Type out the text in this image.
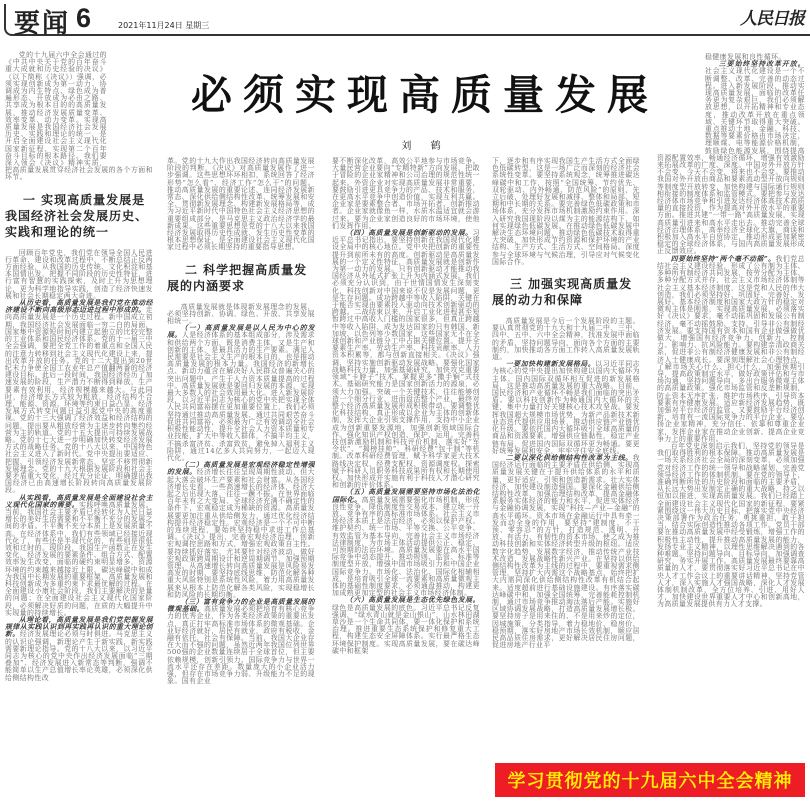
要闻 6	2021年11月24日 星期三	人民日报
必须实现高质量发展
刘 鹤

党的十九届六中全会通过的《中共中央关于党的百年奋斗重大成就和历史经验的决议》（以下简称《决议》）强调，必须实现创新成为第一动力、协调成为内生特点、绿色成为普遍形态、开放成为必由之路、共享成为根本目的的高质量发展，推动经济发展质量变革、效率变革、动力变革。实现高质量发展是我国经济社会发展历史、实践和理论的统一，是开启全面建设社会主义现代化国家新征程、实现第二个百年奋斗目标的根本路径。我们要深入领会《决议》精神实质，把高质量发展贯穿经济社会发展的各个方面和环节。

一 实现高质量发展是我国经济社会发展历史、实践和理论的统一

回顾百年党史，我们党在领导全国人民进行革命、建设和改革过程中，不断总结正反两方面经验，从我国的历史传统、文化积淀和基本国情出发，把握不同阶段的历史性特征，进行富有智慧的实践探索，及时上升为思想理论，更为科学地指导实践，创造了经济快速发展和社会长期稳定两大奇迹。

从历史看，高质量发展是我们党在推动经济建设不断向高级形态迈进过程中形成的。走向高质量发展是一个历史过程。新中国成立初期，我国经济社会发展面临一穷二白的局面，国家集中资源短时间内建立起独立的比较完整的工业体系和国民经济体系。党的十一届三中全会强调，要把全党工作的着重点和全国人民的注意力转移到社会主义现代化建设上来，提出改革开放的任务。党的十二大提出到20世纪末力争使全国工农业年总产值翻两番的经济建设目标。此后一段时间，我国经济经历了加速发展的阶段，生产潜力不断得到释放，生产要素有效利用，经济规模越来越大。与此同时，经济增长方式较为粗放，经济结构不合理，能源、资源、环境等约束日益凸显，经济发展方式转变问题日益引起党中央的高度重视。党的十三大强调了经济效益和经济结构的问题，提出要从粗放经营为主逐步转向集约经营为主的轨道。党的十五大提出可持续发展战略。党的十七大进一步明确加快转变经济发展方式的战略任务。党的十八大以来，中国特色社会主义进入了新时代。党中央提出要适应、把握、引领经济发展新常态，坚定不移贯彻新发展理念。党的十九大根据发展阶段和社会主要矛盾重大变化，经过充分论证，明确提出我国经济已由高速增长阶段转向高质量发展阶段。

从实践看，高质量发展是全面建设社会主义现代化国家的需要。实践呼唤高质量发展。当前，我国社会主要矛盾已经转化为人民日益增长的美好生活需要和不平衡不充分的发展之间的矛盾。不平衡不充分本质上是发展质量不高。在经济体系中，我们有些领域已经接近现代化了，有些还是半现代化的，有些则是很低效和过时的。现阶段，我国生产函数正在发生变化，经济发展的要素条件、组合方式、配置效率发生改变，面临的硬约束明显增多，资源环境的约束越来越接近上限，碳达峰碳中和成为我国中长期发展的重要框架，高质量发展和科技创新成为多重约束下求最优解的过程。在全面建设小康社会阶段，我们主要解决的是量的问题；在全面建设社会主义现代化国家阶段，必须解决好质的问题，在质的大幅提升中实现量的持续增长。

从理论看，高质量发展是我们党把握发展规律从实践认识到再实践再认识的重大理论创新。经济发展理论必须与时俱进。马克思主义的认识论强调，新理论产生于新实践，新实践需要新理论指导。党的十八大以来，以习近平同志为核心的党中央作出经济发展面临“三期叠加”、经济发展进入新常态等判断，强调不能简单以生产总值增长率论英雄，必须深化供给侧结构性改

革。党的十九大作出我国经济转向高质量发展阶段的判断，《决议》对高质量发展作了进一步强调。这些思想环环相扣，系统回答了经济形势“怎么看”、经济工作“怎么干”的问题。推动高质量发展的重要论述，连同经济发展新常态、深化供给侧结构性改革、统筹发展和安全、贯彻新发展理念、构建新发展格局等，成为习近平新时代中国特色社会主义经济思想的重要组成部分，是马克思主义政治经济学的最新成果。这些重要思想是党的十八大以来我国经济发展取得历史性成就、发生历史性变革的根本思想保证，是全面建设社会主义现代化国家过程中必须长期坚持的重要指导思想。

二 科学把握高质量发展的内涵要求

高质量发展就是体现新发展理念的发展，必须坚持创新、协调、绿色、开放、共享发展相统一。

（一）高质量发展是以人民为中心的发展。人是经济体系的基本组成部分，涉及需求和供给两个方面，既是消费主体，又是生产和创新的主体，是最具活力的生产要素。满足人民需要是社会主义生产的根本目的，也是推动高质量发展的根本力量。我国经济的新增长点、新动力蕴含在解决好人民群众普遍关心的突出问题中，产生于人力资本质量提高的过程中。高质量发展就是要回归发展的本源，实现最大多数人的社会效用最大化。进入新发展阶段，以习近平同志为核心的党中央把实现全体人民共同富裕摆在更加重要位置上，我们必须坚持通过推动高质量发展、通过共同艰苦奋斗促进共同富裕，必须最为广泛有效调动全社会积极性能动性，提升全社会人力资本质量和专业技能，扩大中等收入群体，不搞平均主义，不搞杀富济贫、杀富致贫，避免掉入福利主义陷阱，通过14亿多人共同努力，一起迈入现代化。

（二）高质量发展是宏观经济稳定性增强的发展。经济增长往往呈现周期性波动，但大起大落会破坏生产要素和社会财富。从各国经济增长史看，一些高速增长的经济体，经济大起之后出现大落，往往一蹶不振。在世界面临百年未有之大变局、全球经济充满不确定性的条件下，宏观稳定成为稀缺的资源。高质量发展要更加注重从供给侧发力，通过优化经济结构提升经济稳定性。宏观经济是一个不可中断的连续进程，要始终坚持稳中求进工作总基调。《决议》提出，完善宏观经济治理，创新宏观调控思路和方式，增强宏观政策自主性。要持续抓好落实，尤其要针对经济波动，做好宏观政策跨周期设计和逆周期调节，加强预期管理。从高速增长转向高质量发展是风险易发高发的时期，要坚持底线思维，防范化解各种重大风险特别是系统性风险，着力用高质量发展来从根本上防范化解各类风险，实现稳增长和防风险的长期均衡。

（三）富有竞争力的企业是高质量发展的微观基础。高质量发展必须把培育有核心竞争力的优秀企业，作为各类经济政策的重要出发点，真正打牢高标准市场体系的微观基础。企业好经济就好，居民有就业，政府有税收，金融有依托，社会有保障。当前，我国大企业存在大而不强的问题，虽然近两年我国位列世界500强的企业数量连续居于全球首位，但主要依赖规模，创新引领力、国际竞争力与世界一流水平还存在差距。数量庞大的小企业活力强，但存在市场竞争力弱、升级能力不足的现象。国有企业

要不断深化改革，高效公平地参与市场竞争。大量民营企业要向“专精特新”方向发展，把敢于冒险的企业家精神和公司治理的规范性统一起来。外资企业对实现高质量发展非常重要，要鼓励引进更具竞争力的产品、技术和服务，在更高水平竞争中创造价值，实现互利共赢。企业家是要素整合者、市场开拓者、创新推动者。企业家就像鱼一样，水质水温适宜就会游过来。要为企业家创造良好的市场环境，使他们发挥作用。

（四）高质量发展是创新驱动的发展。习近平总书记指出，要坚持创新在我国现代化建设全局中的核心地位。党中央把创新的重要性提升到前所未有的高度。创新驱动是高质量发展的一个定义性特征，高质量发展就是创新作为第一动力的发展。只有创新驱动才能推动我国经济从外延式扩张上升为内涵式发展。我们必须充分认识到，由于世情国情发生深刻变化，科技创新对中国来说不仅是发展问题，更是生存问题。成功跨越中等收入陷阱，关键在于能否实现由要素投入驱动向技术创新驱动的跨越。二战结束以来，开启工业化进程甚至短暂跨过中高收入门槛的国家很多，但真正跨越中等收入陷阱、成为发达国家的只有韩国、新加坡、以色列等少数国家，这些国家无不在全球创新和产业链分工中占据关键位置。提升全要素生产率、劳动生产率、科技贡献率、人力资本积累等，都与创新直接相关。《决议》强调，坚持实施创新驱动发展战略。要强化国家战略科技力量，加强基础研究，加快攻克重要领域“卡脖子”技术，掌握更多“撒手锏”式技术。基础研究能力是国家创新活力的源泉，必须大力加强。突破一个关键技术，往往能够创造一个细分行业，进而盘活整个产业，最终对整个经济高质量发展形成积极带动。要调整优化科技结构，真正形成以企业为主体的创新体制，发挥大企业引领支撑作用，支持中小企业成为创新重要发源地，加强创新领域国际合作。强化知识产权创造、保护、运用。完善科技创新激励机制和科技评价机制，落实好“军令状”、“揭榜挂帅”、科研经费“包干制”等机制。改革科研经费管理，赋予科学家更大技术路线决定权、经费支配权、资源调度权。探索赋予科研人员职务科技成果所有权和长期使用权。加快形成并实施有利于科技人才潜心研究和创新的评价体系。

（五）高质量发展需要坚持市场化法治化国际化。高质量发展需要强化市场机制，形成良性竞争，降低制度性交易成本，建立统一开放、竞争有序的高标准市场体系。社会主义市场经济本质上是法治经济，必须以保护产权、维护契约、统一市场、平等交换、公平竞争、有效监管为基本导向，完善社会主义市场经济法律制度，为市场主体活动提供公正、稳定、可预期的法治环境。高质量发展要在高水平国际竞争中动态提升，推动规则、监管、标准等制度型开放，增强中国市场吸引力和中国企业国际竞争力。市场化、法治化、国际化相辅相成，是培育吸引全球一流要素和高质量微观主体的基础性制度要求，必须通盘推动，构建更加成熟更加定型的社会主义市场经济体制。

（六）高质量发展是生态优先绿色发展。绿色是高质量发展的底色。习近平总书记反复强调，“绿水青山就是金山银山”，山水林田湖草沙是一个生命共同体，要一体化保护和系统治理。推进重要生态系统保护和修复重大工程，构建生态安全屏障体系。实行最严格生态环境保护制度。实现高质量发展，要在碳达峰碳中和框架

下，逐步和有序实现我国生产生活方式全面绿色低碳转型，这是一场广泛而深刻的经济社会系统性变革。要坚持系统观念，统筹推进碳达峰碳中和工作，按照“全国统筹、节约优先、双轮驱动、内外畅通、防范风险”的原则，先立后破，处理好发展和减排、整体和局部、短期和中长期的关系。要完善绿色低碳政策和市场体系，充分发挥市场机制激励约束作用。深入研究我国现阶段以煤为主的能源结构下，如何实现绿色低碳发展。在推动绿色低碳发展中解决生态环境问题，推动绿色低碳技术取得重大突破，加快形成节约资源和保护环境的产业结构、生产方式、生活方式、空间格局。深度参与全球环境与气候治理，引导应对气候变化国际合作。

三 加强实现高质量发展的动力和保障

高质量发展是今后一个发展阶段的主题。要认真贯彻党的十九大和十九届二中、三中、四中、五中、六中全会精神，找准发展中面临的矛盾，坚持问题导向，面向各个方面的主要制约，加快推动各方面工作转入高质量发展轨道。

一要加快构建新发展格局。以习近平同志为核心的党中央提出加快构建以国内大循环为主体、国内国际双循环相互促进的新发展格局，这是推动高质量发展的重大战略。目前，国民经济和产业循环不畅是我们面临的突出矛盾。要以科技创新作为畅通国内大循环的关键，集中力量打好关键核心技术攻坚战。要发挥我国超大规模市场优势，为新产品新技术新业态迭代提供应用场景，推动供应链产业链优化升级。要依托国内大循环吸引全球高质量的商品和资源要素，增强供应链黏性，稳定产业链布局，促进国内国际双循环更为畅通。要更好统筹发展和安全，牢牢守住安全底线。

二要以深化供给侧结构性改革为主线。我国经济运行面临的主要矛盾在供给侧，实现高质量发展关键在于提升供给体系的水平和质量，更好适应、引领和创造新需求。壮大实体经济，加快建设制造强国。要深化金融供给侧结构性改革，加强治理结构改革，提高金融体系服务实体经济的能力和水平，促进实体经济与金融协调发展，实现“科技—产业—金融”的高水平循环。资本市场在金融运行中具有牵一发而动全身的作用，要坚持“建制度、不干预、零容忍”的方针，打造规范、透明、开放、有活力、有韧性的资本市场，使之成为推动科技创新和实体经济转型升级的枢纽。适应数字化趋势，发展数字经济，推动传统产业技术改造，发展战略性新兴产业。在坚持以供给侧结构性改革为主线的过程中，要重视需求侧管理，坚持扩大内需这个战略基点，始终把扩大内需同深化供给侧结构性改革有机结合起来。适度超前进行基础设施建设。有序落实碳达峰碳中和，加强全国统筹，完善能耗控制机制，通过市场竞争推动淘汰落后产能。实施好区域协调发展战略，打造高质量发展增长极。要坚持房子是用来住的、不是用来炒的定位，因城施策，分类指导，着力稳地价、稳房价、稳预期，落实好房地产市场长效机制，顺应居民高品质住房需求，更好解决居民住房问题，促进房地产行业平

稳健康发展和良性循环。

三要始终坚持改革开放。社会主义现代化建设是一个不断调整、改革、完善的动态过程。进入新发展阶段，推动实现高质量发展，面临的改革任务更为复杂艰巨，我们必须解放思想，以开拓精神和专业态度，推动改革开放在重点领域、关键环节取得重大突破。重点推动土地、金融、科技、数据等要素价格由市场决定，理顺煤、电等能源价格机制，鼓励绿色能源发展，围绕提高资源配置效率，畅通经济循环，增强有效激励来拓展改革的广度、深度。中国对外开放方针不会变，今天不会变，将来也不会变。要推动我国对外开放由商品和要素流动型开放向规则等制度型开放转变，加快构建与国际通行规则相衔接的制度体系和监管模式。要把参与发达经济体市场竞争和引进发达经济体高技术高质量的直接投资，作为提高对外开放水平的重要方面。推进共建“一带一路”高质量发展，实现高质量引进来和高水平走出去。推动完善全球经济治理体系，高举经济全球化大旗，商谈和积极加入高水平自贸协定，推动形成更加紧密稳定的全球经济体系，与国内高质量发展形成正反馈效应。

四要始终坚持“两个毫不动摇”。我们党总结社会主义建设经验，形成了公有制为主体、多种所有制经济共同发展，按劳分配为主体、多种分配方式并存，社会主义市场经济体制等社会主义基本经济制度，这是党和人民的伟大创造，我们必须坚持好、巩固好、完善好、发展好。基本经济制度和国家大政方针的稳定对微观主体是刚需，实现高质量发展，必须落实好《决议》要求，毫不动摇巩固和发展公有制经济，毫不动摇鼓励、支持、引导非公有制经济发展。要支持国有资本和国有企业做强做优做大，增强国有经济竞争力、创新力、控制力、影响力、抗风险能力。要构建亲清政商关系，促进非公有制经济健康发展和非公有制经济人士健康成长。要深刻理解社会心理特点，了解市场关心什么、担心什么，加强预期引导，提高政策制定水平，做好政策评估和与市场沟通，坚持问题导向，多出台服务微观主体的高质量政策。强化市场监管和反垄断规制，防止资本无序扩张，维护市场秩序，引导资本要素有序健康发展。适应新经济发展趋势，既加强对平台经济的监管，又要鼓励平台经济创新，培育有一流国际竞争力的平台企业。要弘扬企业家精神，充分信任、依靠和尊重企业家，发挥企业家在推动企业创新、提高企业竞争力上的重要作用。

百年党史深刻启示我们，坚持党的领导是我们取得胜利的根本保障。推动高质量发展是一场关系经济社会全局的深刻变革，必须加强党对经济工作的统一领导和战略谋划，完善党领导经济工作的体制机制。要在党的领导下，准确判断所处的历史阶段和面临的主要矛盾，从长远大势出发制定正确的重大战略，持之以恒加以推进，实现高质量发展。我们已经踏上全面建设社会主义现代化国家的新征程，要紧紧围绕这一伟大历史目标，把落实党中央经济决策部署作为政治任务，勇挑重担，敢于担当，结合实际创造性推动各项工作。党员干部要在推动高质量发展中经受锻炼，增强工作的积极性主动性，提升推动高质量发展的能力，发扬专业主义精神，以理性思维解决遇到的各种难题。坚持问题导向、目标导向，加强调查研究，务实开展工作。高质量发展最终要靠高质量的人才，要贯彻落实好习近平总书记在中央人才工作会议上的重要讲话精神，坚持党管人才，深入实施人才强国战略，深化人才发展体制机制改革，全方位培养、引进、用好人才，加快建设世界重要人才中心和创新高地，为高质量发展提供有力人才支撑。

学习贯彻党的十九届六中全会精神
